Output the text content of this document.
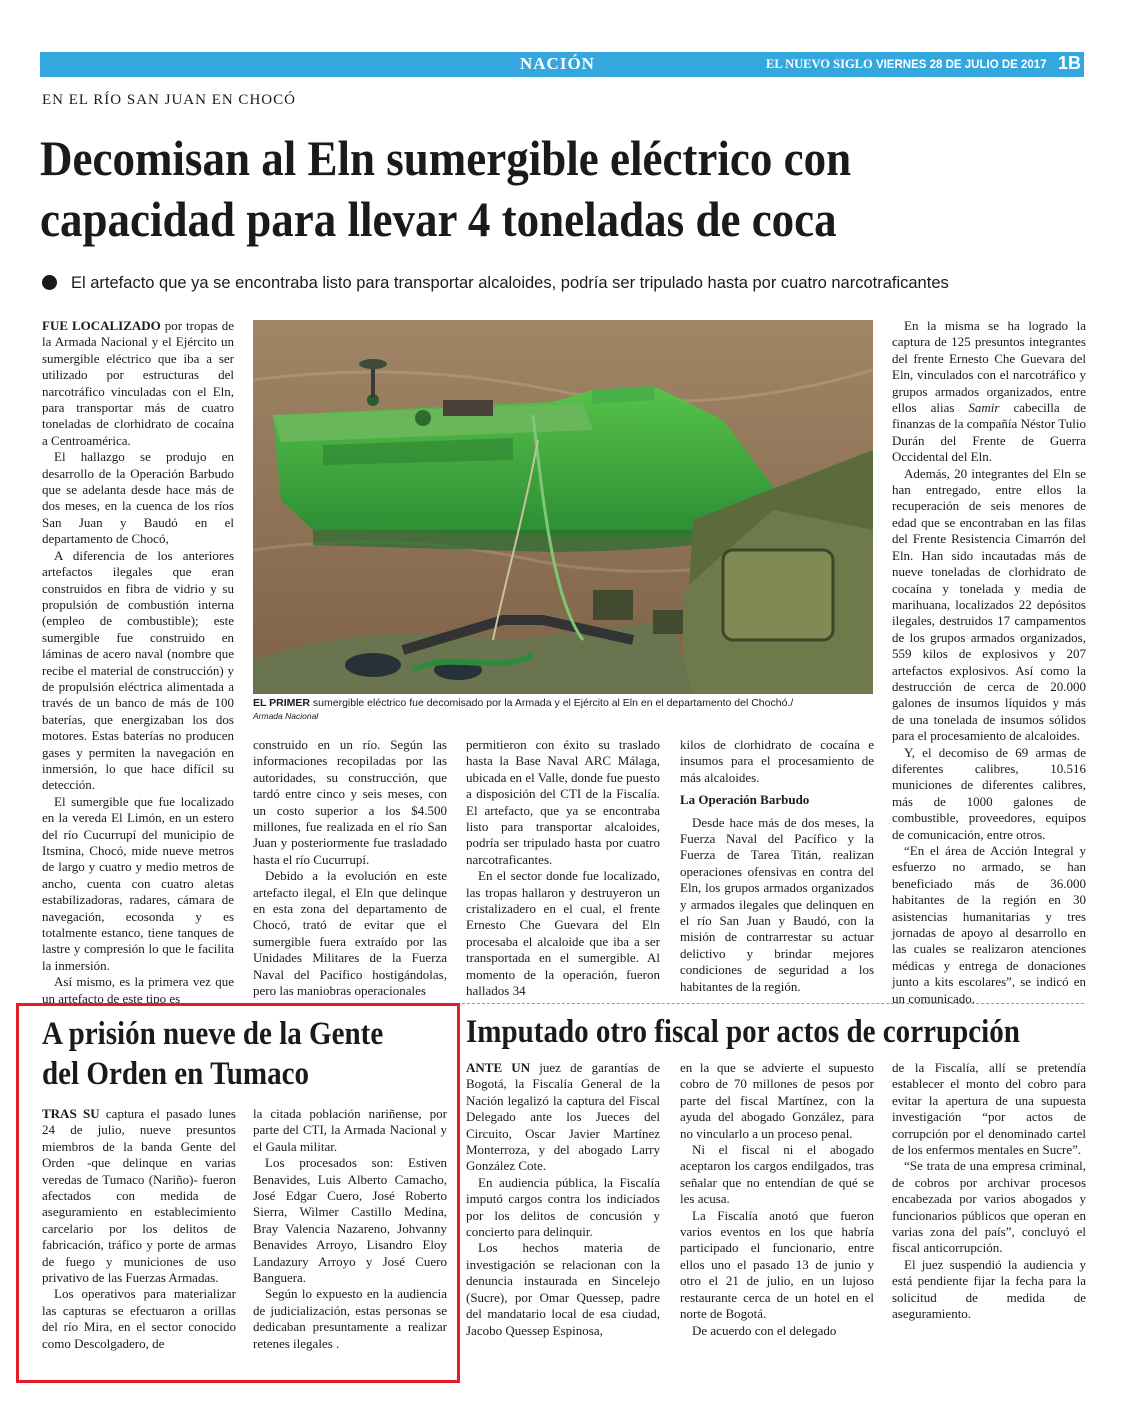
NACIÓN	EL NUEVO SIGLO VIERNES 28 DE JULIO DE 2017 1B
EN EL RÍO SAN JUAN EN CHOCÓ
Decomisan al Eln sumergible eléctrico con
capacidad para llevar 4 toneladas de coca
El artefacto que ya se encontraba listo para transportar alcaloides, podría ser tripulado hasta por cuatro narcotraficantes

FUE LOCALIZADO por tropas de la Armada Nacional y el Ejército un sumergible eléctrico que iba a ser utilizado por estructuras del narcotráfico vinculadas con el Eln, para transportar más de cuatro toneladas de clorhidrato de cocaína a Centroamérica.

El hallazgo se produjo en desarrollo de la Operación Barbudo que se adelanta desde hace más de dos meses, en la cuenca de los ríos San Juan y Baudó en el departamento de Chocó,

A diferencia de los anteriores artefactos ilegales que eran construidos en fibra de vidrio y su propulsión de combustión interna (empleo de combustible); este sumergible fue construido en láminas de acero naval (nombre que recibe el material de construcción) y de propulsión eléctrica alimentada a través de un banco de más de 100 baterías, que energizaban los dos motores. Estas baterías no producen gases y permiten la navegación en inmersión, lo que hace difícil su detección.

El sumergible que fue localizado en la vereda El Limón, en un estero del río Cucurrupí del municipio de Itsmina, Chocó, mide nueve metros de largo y cuatro y medio metros de ancho, cuenta con cuatro aletas estabilizadoras, radares, cámara de navegación, ecosonda y es totalmente estanco, tiene tanques de lastre y compresión lo que le facilita la inmersión.

Así mismo, es la primera vez que un artefacto de este tipo es

EL PRIMER sumergible eléctrico fue decomisado por la Armada y el Ejército al Eln en el departamento del Chochó./
Armada Nacional

construido en un río. Según las informaciones recopiladas por las autoridades, su construcción, que tardó entre cinco y seis meses, con un costo superior a los $4.500 millones, fue realizada en el río San Juan y posteriormente fue trasladado hasta el río Cucurrupí.

Debido a la evolución en este artefacto ilegal, el Eln que delinque en esta zona del departamento de Chocó, trató de evitar que el sumergible fuera extraído por las Unidades Militares de la Fuerza Naval del Pacífico hostigándolas, pero las maniobras operacionales

permitieron con éxito su traslado hasta la Base Naval ARC Málaga, ubicada en el Valle, donde fue puesto a disposición del CTI de la Fiscalía. El artefacto, que ya se encontraba listo para transportar alcaloides, podría ser tripulado hasta por cuatro narcotraficantes.

En el sector donde fue localizado, las tropas hallaron y destruyeron un cristalizadero en el cual, el frente Ernesto Che Guevara del Eln procesaba el alcaloide que iba a ser transportada en el sumergible. Al momento de la operación, fueron hallados 34

kilos de clorhidrato de cocaína e insumos para el procesamiento de más alcaloides.

La Operación Barbudo

Desde hace más de dos meses, la Fuerza Naval del Pacífico y la Fuerza de Tarea Titán, realizan operaciones ofensivas en contra del Eln, los grupos armados organizados y armados ilegales que delinquen en el río San Juan y Baudó, con la misión de contrarrestar su actuar delictivo y brindar mejores condiciones de seguridad a los habitantes de la región.

En la misma se ha logrado la captura de 125 presuntos integrantes del frente Ernesto Che Guevara del Eln, vinculados con el narcotráfico y grupos armados organizados, entre ellos alias Samir cabecilla de finanzas de la compañía Néstor Tulio Durán del Frente de Guerra Occidental del Eln.

Además, 20 integrantes del Eln se han entregado, entre ellos la recuperación de seis menores de edad que se encontraban en las filas del Frente Resistencia Cimarrón del Eln. Han sido incautadas más de nueve toneladas de clorhidrato de cocaína y tonelada y media de marihuana, localizados 22 depósitos ilegales, destruidos 17 campamentos de los grupos armados organizados, 559 kilos de explosivos y 207 artefactos explosivos. Así como la destrucción de cerca de 20.000 galones de insumos líquidos y más de una tonelada de insumos sólidos para el procesamiento de alcaloides.

Y, el decomiso de 69 armas de diferentes calibres, 10.516 municiones de diferentes calibres, más de 1000 galones de combustible, proveedores, equipos de comunicación, entre otros.

“En el área de Acción Integral y esfuerzo no armado, se han beneficiado más de 36.000 habitantes de la región en 30 asistencias humanitarias y tres jornadas de apoyo al desarrollo en las cuales se realizaron atenciones médicas y entrega de donaciones junto a kits escolares”, se indicó en un comunicado.

A prisión nueve de la Gente
del Orden en Tumaco

TRAS SU captura el pasado lunes 24 de julio, nueve presuntos miembros de la banda Gente del Orden -que delinque en varias veredas de Tumaco (Nariño)- fueron afectados con medida de aseguramiento en establecimiento carcelario por los delitos de fabricación, tráfico y porte de armas de fuego y municiones de uso privativo de las Fuerzas Armadas.

Los operativos para materializar las capturas se efectuaron a orillas del río Mira, en el sector conocido como Descolgadero, de

la citada población nariñense, por parte del CTI, la Armada Nacional y el Gaula militar.

Los procesados son: Estiven Benavides, Luis Alberto Camacho, José Edgar Cuero, José Roberto Sierra, Wilmer Castillo Medina, Bray Valencia Nazareno, Johvanny Benavides Arroyo, Lisandro Eloy Landazury Arroyo y José Cuero Banguera.

Según lo expuesto en la audiencia de judicialización, estas personas se dedicaban presuntamente a realizar retenes ilegales .

Imputado otro fiscal por actos de corrupción

ANTE UN juez de garantías de Bogotá, la Fiscalía General de la Nación legalizó la captura del Fiscal Delegado ante los Jueces del Circuito, Oscar Javier Martínez Monterroza, y del abogado Larry González Cote.

En audiencia pública, la Fiscalía imputó cargos contra los indiciados por los delitos de concusión y concierto para delinquir.

Los hechos materia de investigación se relacionan con la denuncia instaurada en Sincelejo (Sucre), por Omar Quessep, padre del mandatario local de esa ciudad, Jacobo Quessep Espinosa,

en la que se advierte el supuesto cobro de 70 millones de pesos por parte del fiscal Martínez, con la ayuda del abogado González, para no vincularlo a un proceso penal.

Ni el fiscal ni el abogado aceptaron los cargos endilgados, tras señalar que no entendían de qué se les acusa.

La Fiscalía anotó que fueron varios eventos en los que habría participado el funcionario, entre ellos uno el pasado 13 de junio y otro el 21 de julio, en un lujoso restaurante cerca de un hotel en el norte de Bogotá.

De acuerdo con el delegado

de la Fiscalía, allí se pretendía establecer el monto del cobro para evitar la apertura de una supuesta investigación “por actos de corrupción por el denominado cartel de los enfermos mentales en Sucre”.

“Se trata de una empresa criminal, de cobros por archivar procesos encabezada por varios abogados y funcionarios públicos que operan en varias zona del país”, concluyó el fiscal anticorrupción.

El juez suspendió la audiencia y está pendiente fijar la fecha para la solicitud de medida de aseguramiento.
